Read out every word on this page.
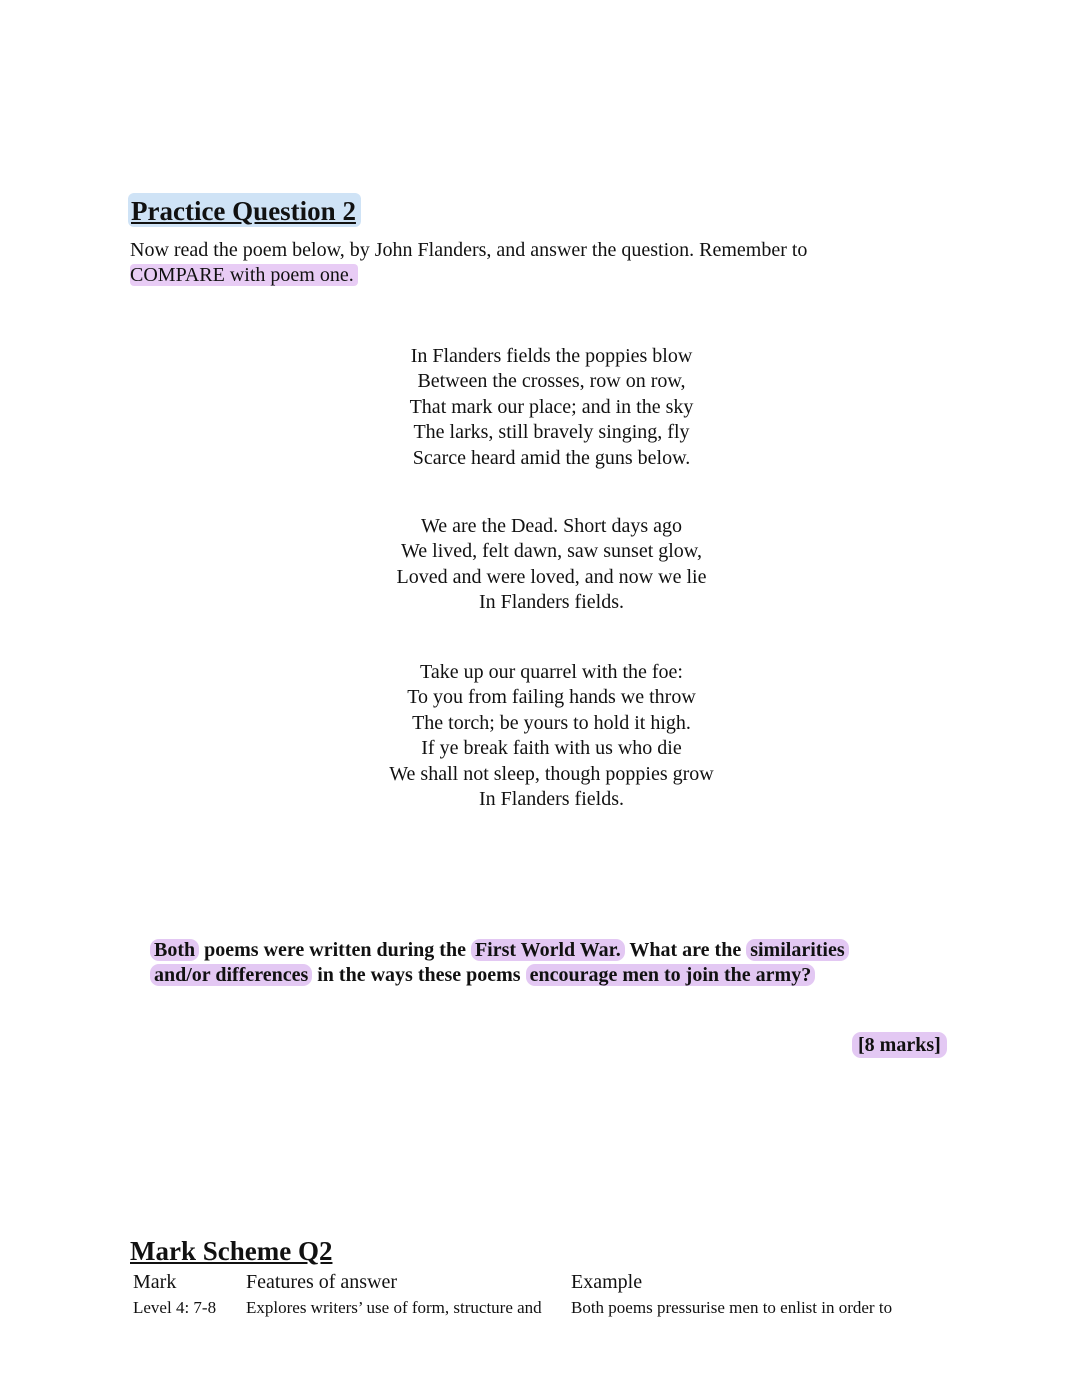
Practice Question 2
Now read the poem below, by John Flanders, and answer the question. Remember to
COMPARE with poem one.
In Flanders fields the poppies blow
Between the crosses, row on row,
That mark our place; and in the sky
The larks, still bravely singing, fly
Scarce heard amid the guns below.
We are the Dead. Short days ago
We lived, felt dawn, saw sunset glow,
Loved and were loved, and now we lie
In Flanders fields.
Take up our quarrel with the foe:
To you from failing hands we throw
The torch; be yours to hold it high.
If ye break faith with us who die
We shall not sleep, though poppies grow
In Flanders fields.
Both poems were written during the First World War. What are the similarities
and/or differences in the ways these poems encourage men to join the army?
[8 marks]
Mark Scheme Q2
Mark	Features of answer	Example
Level 4: 7-8 Explores writers’ use of form, structure and Both poems pressurise men to enlist in order to
